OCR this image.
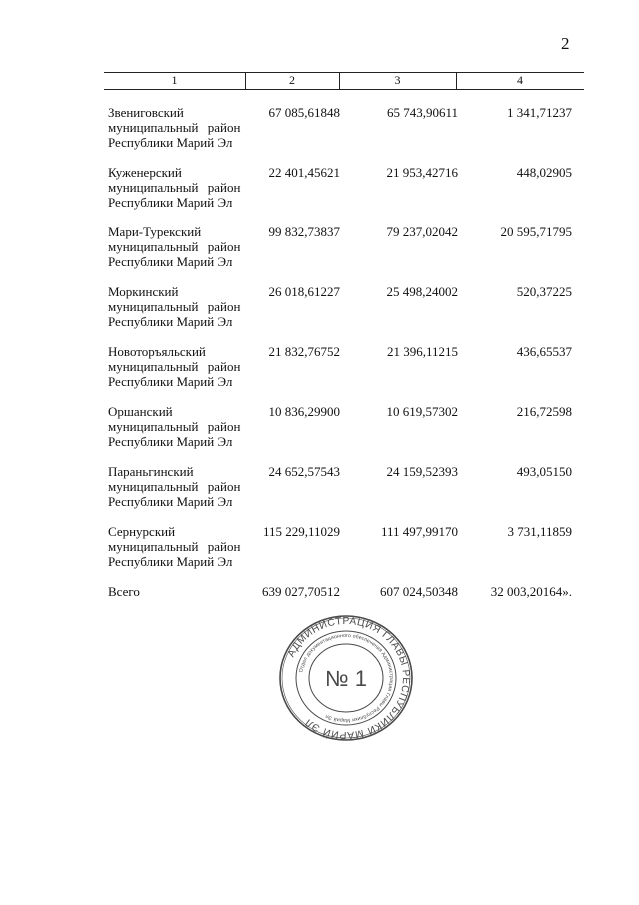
2
1	2	3	4
Звениговский
муниципальный район
Республики Марий Эл
67 085,61848	65 743,90611	1 341,71237
Куженерский
муниципальный район
Республики Марий Эл
22 401,45621	21 953,42716	448,02905
Мари-Турекский
муниципальный район
Республики Марий Эл
99 832,73837	79 237,02042	20 595,71795
Моркинский
муниципальный район
Республики Марий Эл
26 018,61227	25 498,24002	520,37225
Новоторъяльский
муниципальный район
Республики Марий Эл
21 832,76752	21 396,11215	436,65537
Оршанский
муниципальный район
Республики Марий Эл
10 836,29900	10 619,57302	216,72598
Параньгинский
муниципальный район
Республики Марий Эл
24 652,57543	24 159,52393	493,05150
Сернурский
муниципальный район
Республики Марий Эл
115 229,11029	111 497,99170	3 731,11859
Всего	639 027,70512	607 024,50348	32 003,20164».
АДМИНИСТРАЦИЯ ГЛАВЫ РЕСПУБЛИКИ МАРИЙ ЭЛ
Отдел документационного обеспечения Администрации Главы Республики Марий Эл
№ 1
